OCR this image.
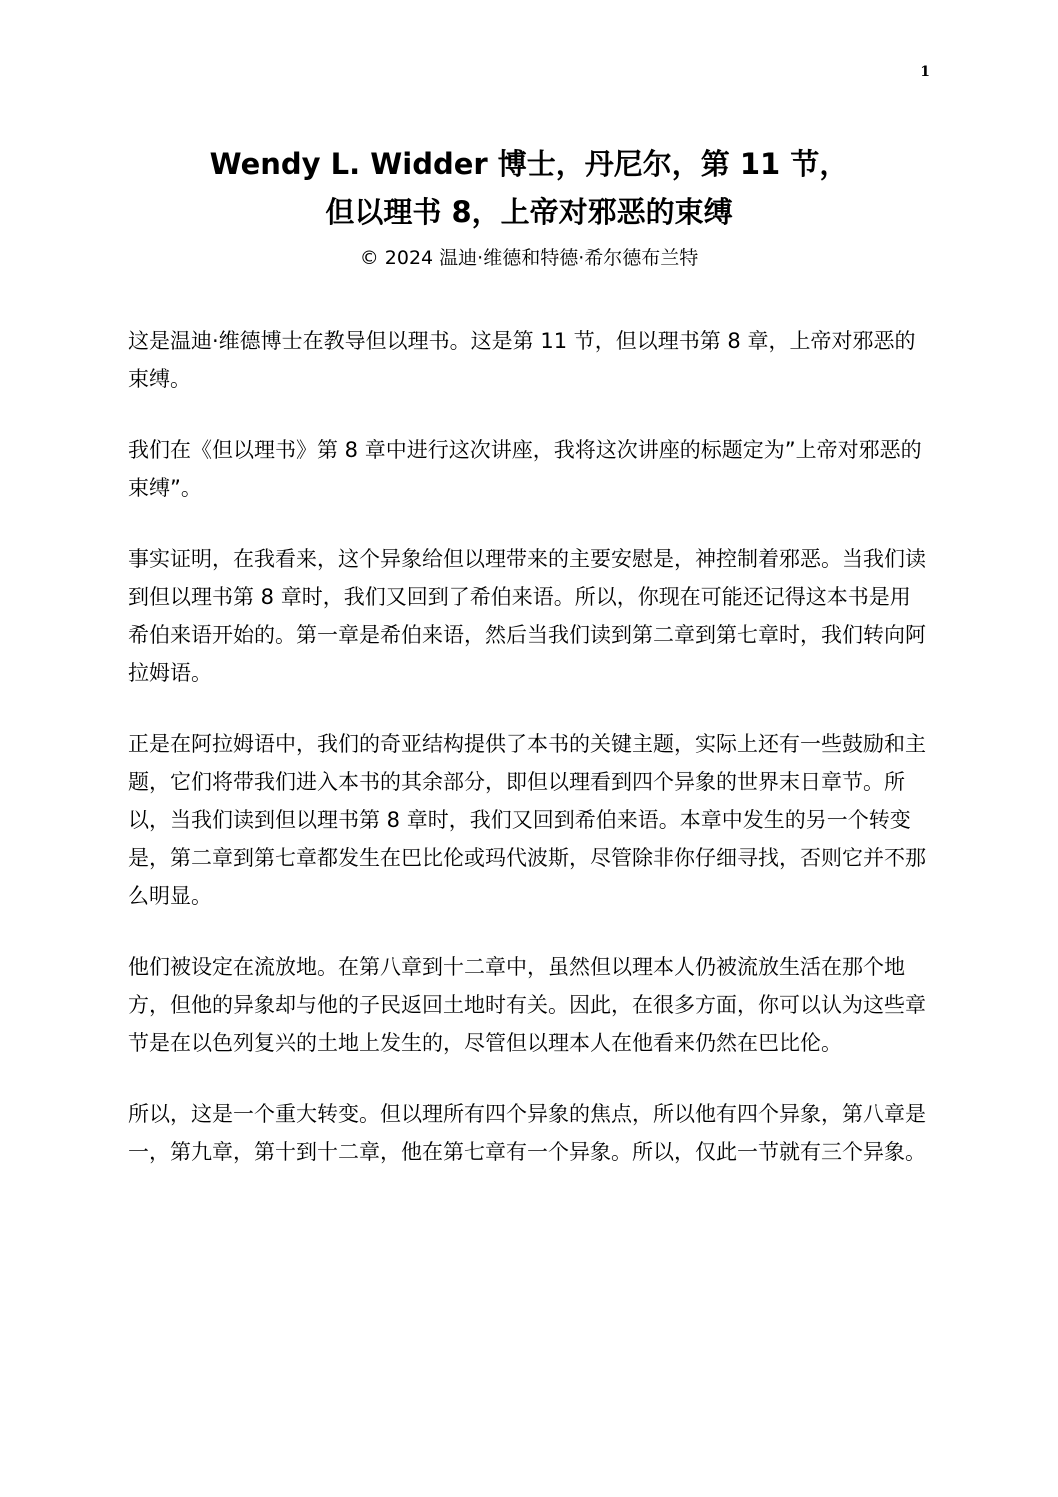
1
Wendy L. Widder 博士，丹尼尔，第 11 节，
但以理书 8，上帝对邪恶的束缚
© 2024 温迪·维德和特德·希尔德布兰特

这是温迪·维德博士在教导但以理书。这是第 11 节，但以理书第 8 章，上帝对邪恶的束缚。

我们在《但以理书》第 8 章中进行这次讲座，我将这次讲座的标题定为”上帝对邪恶的束缚”。

事实证明，在我看来，这个异象给但以理带来的主要安慰是，神控制着邪恶。当我们读到但以理书第 8 章时，我们又回到了希伯来语。所以，你现在可能还记得这本书是用希伯来语开始的。第一章是希伯来语，然后当我们读到第二章到第七章时，我们转向阿拉姆语。

正是在阿拉姆语中，我们的奇亚结构提供了本书的关键主题，实际上还有一些鼓励和主题，它们将带我们进入本书的其余部分，即但以理看到四个异象的世界末日章节。所以，当我们读到但以理书第 8 章时，我们又回到希伯来语。本章中发生的另一个转变是，第二章到第七章都发生在巴比伦或玛代波斯，尽管除非你仔细寻找，否则它并不那么明显。

他们被设定在流放地。在第八章到十二章中，虽然但以理本人仍被流放生活在那个地方，但他的异象却与他的子民返回土地时有关。因此，在很多方面，你可以认为这些章节是在以色列复兴的土地上发生的，尽管但以理本人在他看来仍然在巴比伦。

所以，这是一个重大转变。但以理所有四个异象的焦点，所以他有四个异象，第八章是一，第九章，第十到十二章，他在第七章有一个异象。所以，仅此一节就有三个异象。
